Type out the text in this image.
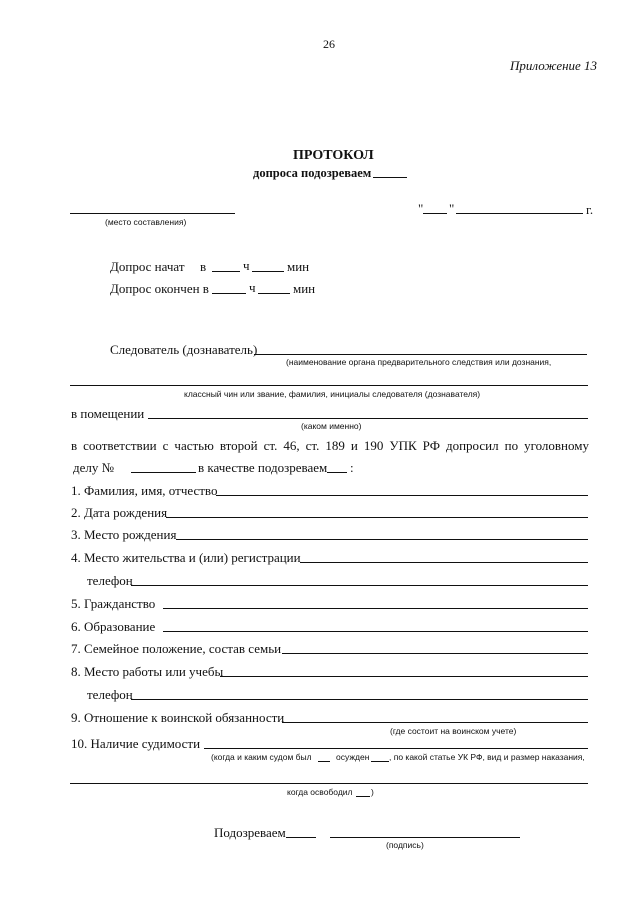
26
Приложение 13
ПРОТОКОЛ
допроса подозреваем
(место составления)
" "	г.
Допрос начат в	ч	мин
Допрос окончен в	ч	мин
Следователь (дознаватель)
(наименование органа предварительного следствия или дознания,
классный чин или звание, фамилия, инициалы следователя (дознавателя)
в помещении
(каком именно)
в соответствии с частью второй ст. 46, ст. 189 и 190 УПК РФ допросил по уголовному
делу №	в качестве подозреваем :
1. Фамилия, имя, отчество
2. Дата рождения
3. Место рождения
4. Место жительства и (или) регистрации
телефон
5. Гражданство
6. Образование
7. Семейное положение, состав семьи
8. Место работы или учебы
телефон
9. Отношение к воинской обязанности
(где состоит на воинском учете)
10. Наличие судимости
(когда и каким судом был	осужден , по какой статье УК РФ, вид и размер наказания,
когда освободил )
Подозреваем
(подпись)
